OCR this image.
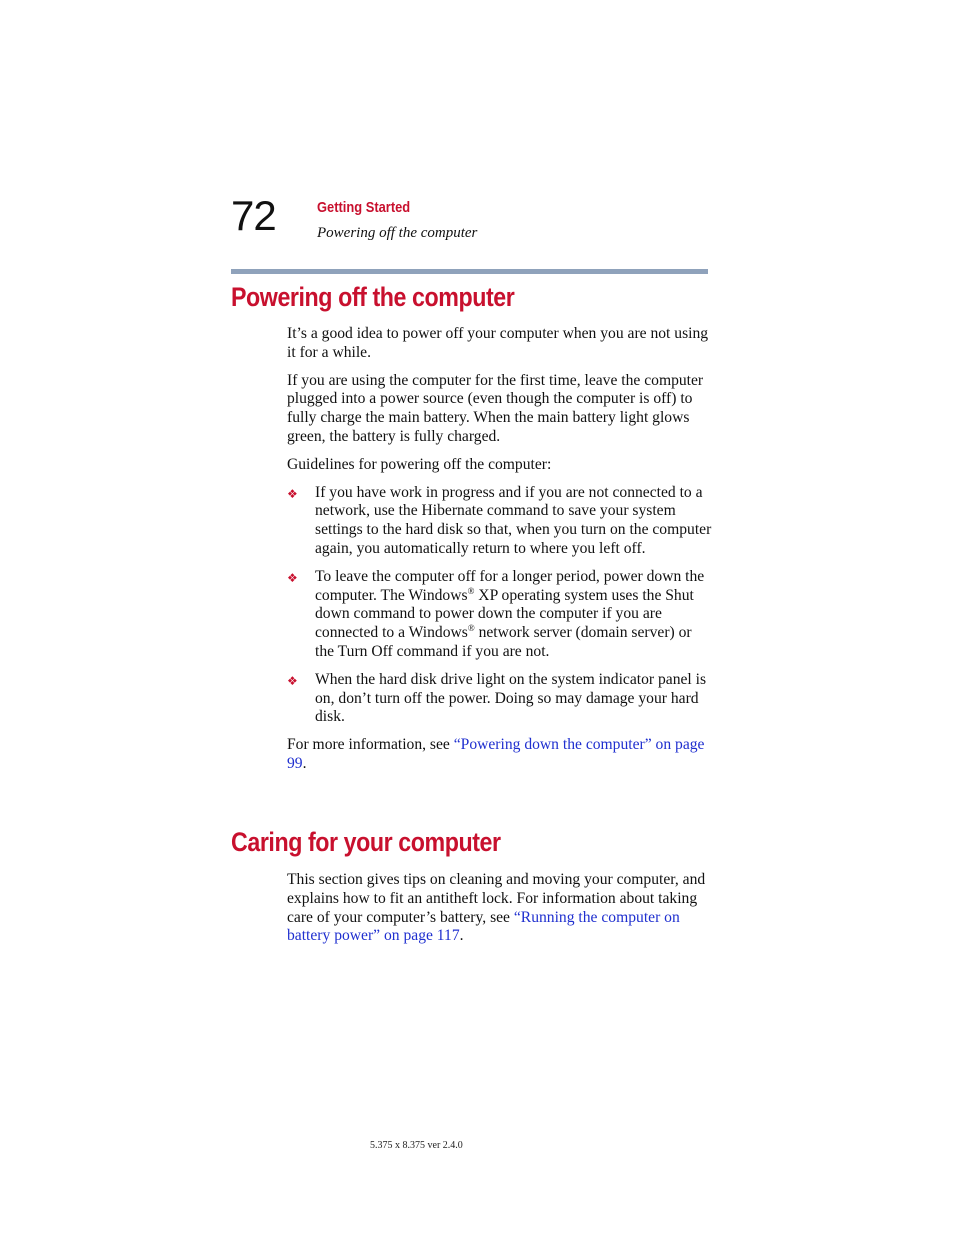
72	Getting Started
Powering off the computer
Powering off the computer

It’s a good idea to power off your computer when you are not using it for a while.

If you are using the computer for the first time, leave the computer plugged into a power source (even though the computer is off) to fully charge the main battery. When the main battery light glows green, the battery is fully charged.

Guidelines for powering off the computer:

❖ If you have work in progress and if you are not connected to a network, use the Hibernate command to save your system settings to the hard disk so that, when you turn on the computer again, you automatically return to where you left off.
❖ To leave the computer off for a longer period, power down the computer. The Windows® XP operating system uses the Shut down command to power down the computer if you are connected to a Windows® network server (domain server) or the Turn Off command if you are not.
❖ When the hard disk drive light on the system indicator panel is on, don’t turn off the power. Doing so may damage your hard disk.

For more information, see “Powering down the computer” on page 99.

Caring for your computer

This section gives tips on cleaning and moving your computer, and explains how to fit an antitheft lock. For information about taking care of your computer’s battery, see “Running the computer on battery power” on page 117.

5.375 x 8.375 ver 2.4.0
